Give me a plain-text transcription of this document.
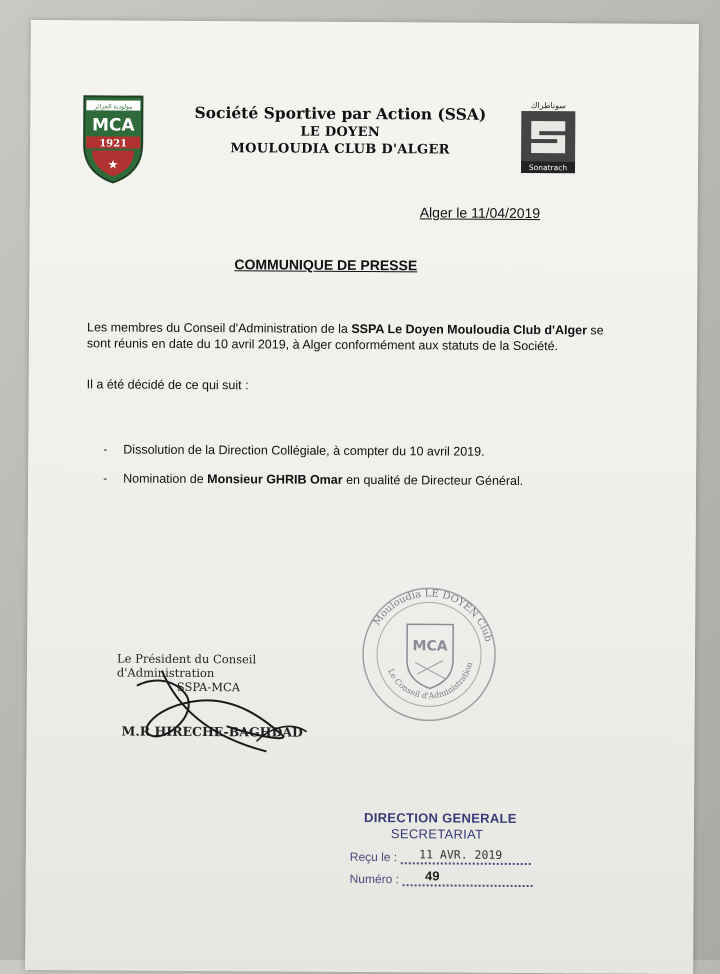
مولودية الجزائر
MCA
1921
★
Société Sportive par Action (SSA)
LE DOYEN
MOULOUDIA CLUB D'ALGER
سوناطراك
Sonatrach
Alger le 11/04/2019
COMMUNIQUE DE PRESSE
Les membres du Conseil d'Administration de la SSPA Le Doyen Mouloudia Club d'Alger se sont réunis en date du 10 avril 2019, à Alger conformément aux statuts de la Société.
Il a été décidé de ce qui suit :
- Dissolution de la Direction Collégiale, à compter du 10 avril 2019.
- Nomination de Monsieur GHRIB Omar en qualité de Directeur Général.
Mouloudia LE DOYEN Club
Le Conseil d'Administration
MCA
Le Président du Conseil d'Administration
SSPA-MCA
M.R HIRECHE-BAGHDAD
DIRECTION GENERALE
SECRETARIAT
Reçu le : 11 AVR. 2019
Numéro : 49
